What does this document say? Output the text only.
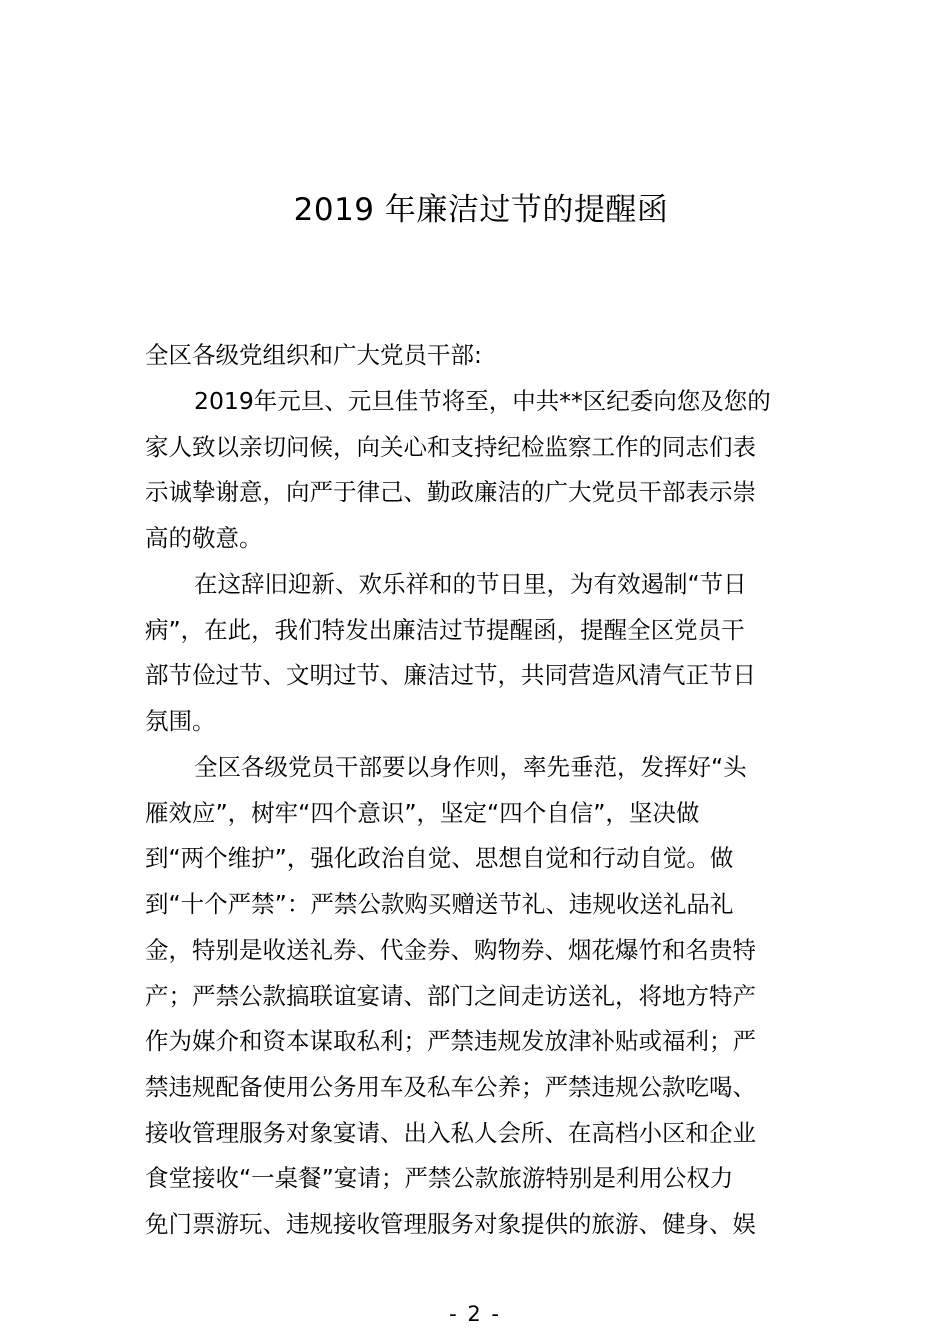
2019 年廉洁过节的提醒函
全区各级党组织和广大党员干部:
2019年元旦、元旦佳节将至，中共**区纪委向您及您的
家人致以亲切问候，向关心和支持纪检监察工作的同志们表
示诚挚谢意，向严于律己、勤政廉洁的广大党员干部表示崇
高的敬意。
在这辞旧迎新、欢乐祥和的节日里，为有效遏制“节日
病”，在此，我们特发出廉洁过节提醒函，提醒全区党员干
部节俭过节、文明过节、廉洁过节，共同营造风清气正节日
氛围。
全区各级党员干部要以身作则，率先垂范，发挥好“头
雁效应”，树牢“四个意识”，坚定“四个自信”，坚决做
到“两个维护”，强化政治自觉、思想自觉和行动自觉。做
到“十个严禁”：严禁公款购买赠送节礼、违规收送礼品礼
金，特别是收送礼券、代金券、购物券、烟花爆竹和名贵特
产；严禁公款搞联谊宴请、部门之间走访送礼，将地方特产
作为媒介和资本谋取私利；严禁违规发放津补贴或福利；严
禁违规配备使用公务用车及私车公养；严禁违规公款吃喝、
接收管理服务对象宴请、出入私人会所、在高档小区和企业
食堂接收“一桌餐”宴请；严禁公款旅游特别是利用公权力
免门票游玩、违规接收管理服务对象提供的旅游、健身、娱
- 2 -
